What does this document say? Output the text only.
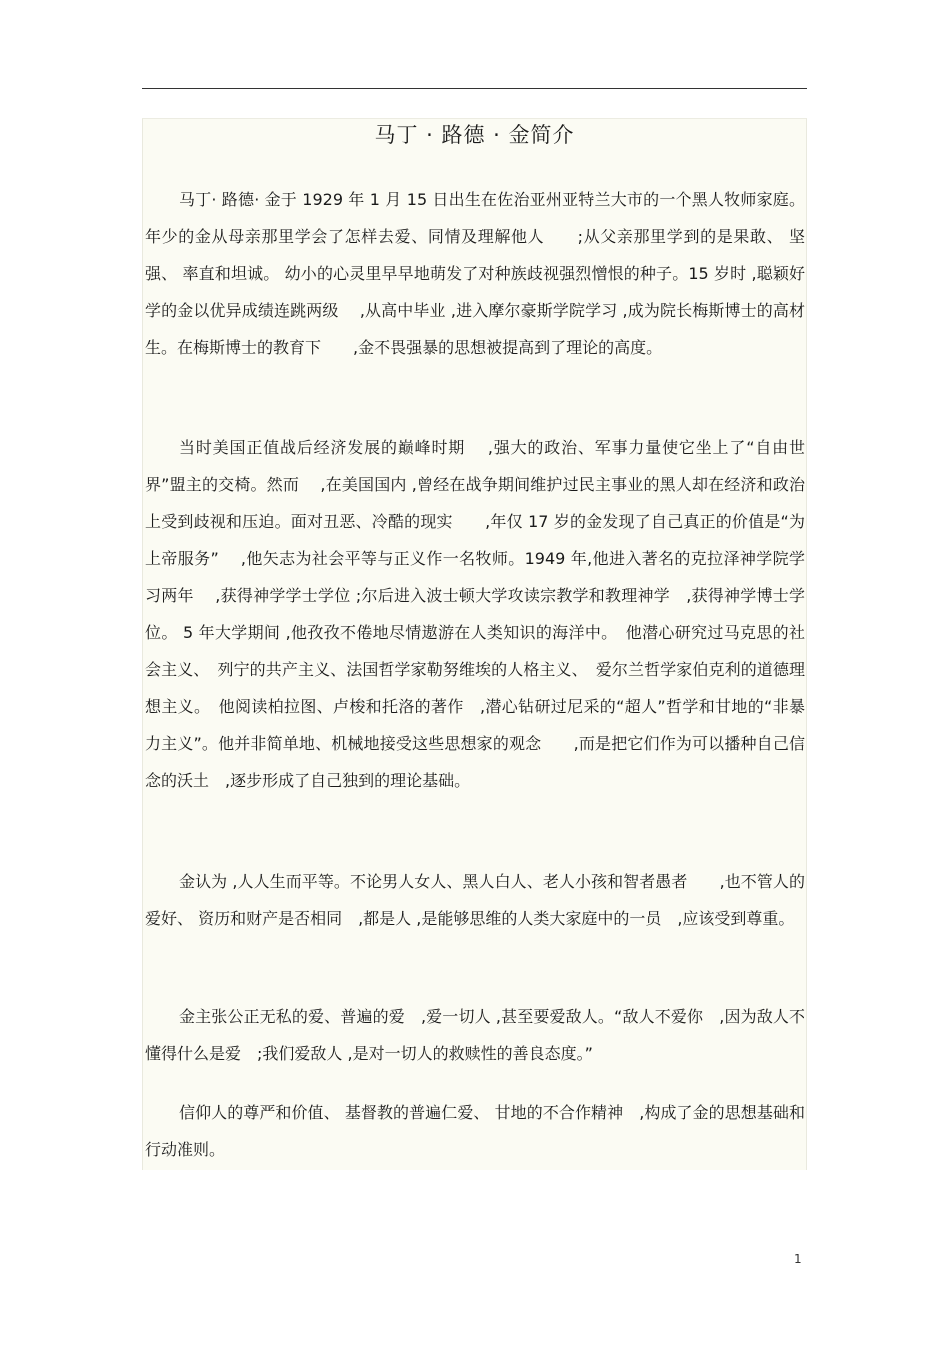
马丁 · 路德 · 金简介

马丁· 路德· 金于 1929 年 1 月 15 日出生在佐治亚州亚特兰大市的一个黑人牧师家庭。年少的金从母亲那里学会了怎样去爱、同情及理解他人　　;从父亲那里学到的是果敢、 坚强、 率直和坦诚。 幼小的心灵里早早地萌发了对种族歧视强烈憎恨的种子。15 岁时 ,聪颖好学的金以优异成绩连跳两级　 ,从高中毕业 ,进入摩尔豪斯学院学习 ,成为院长梅斯博士的高材生。在梅斯博士的教育下　　,金不畏强暴的思想被提高到了理论的高度。

当时美国正值战后经济发展的巅峰时期　 ,强大的政治、军事力量使它坐上了“自由世界”盟主的交椅。然而　 ,在美国国内 ,曾经在战争期间维护过民主事业的黑人却在经济和政治上受到歧视和压迫。面对丑恶、冷酷的现实　　,年仅 17 岁的金发现了自己真正的价值是“为上帝服务”　 ,他矢志为社会平等与正义作一名牧师。1949 年,他进入著名的克拉泽神学院学习两年　 ,获得神学学士学位 ;尔后进入波士顿大学攻读宗教学和教理神学　,获得神学博士学位。 5 年大学期间 ,他孜孜不倦地尽情遨游在人类知识的海洋中。　他潜心研究过马克思的社会主义、　列宁的共产主义、法国哲学家勒努维埃的人格主义、　爱尔兰哲学家伯克利的道德理想主义。　他阅读柏拉图、卢梭和托洛的著作　,潜心钻研过尼采的“超人”哲学和甘地的“非暴力主义”。他并非简单地、机械地接受这些思想家的观念　　,而是把它们作为可以播种自己信念的沃土　,逐步形成了自己独到的理论基础。

金认为 ,人人生而平等。不论男人女人、黑人白人、老人小孩和智者愚者　　,也不管人的爱好、 资历和财产是否相同　,都是人 ,是能够思维的人类大家庭中的一员　,应该受到尊重。

金主张公正无私的爱、普遍的爱　,爱一切人 ,甚至要爱敌人。“敌人不爱你　,因为敌人不懂得什么是爱　;我们爱敌人 ,是对一切人的救赎性的善良态度。”

信仰人的尊严和价值、 基督教的普遍仁爱、 甘地的不合作精神　,构成了金的思想基础和行动准则。

1
